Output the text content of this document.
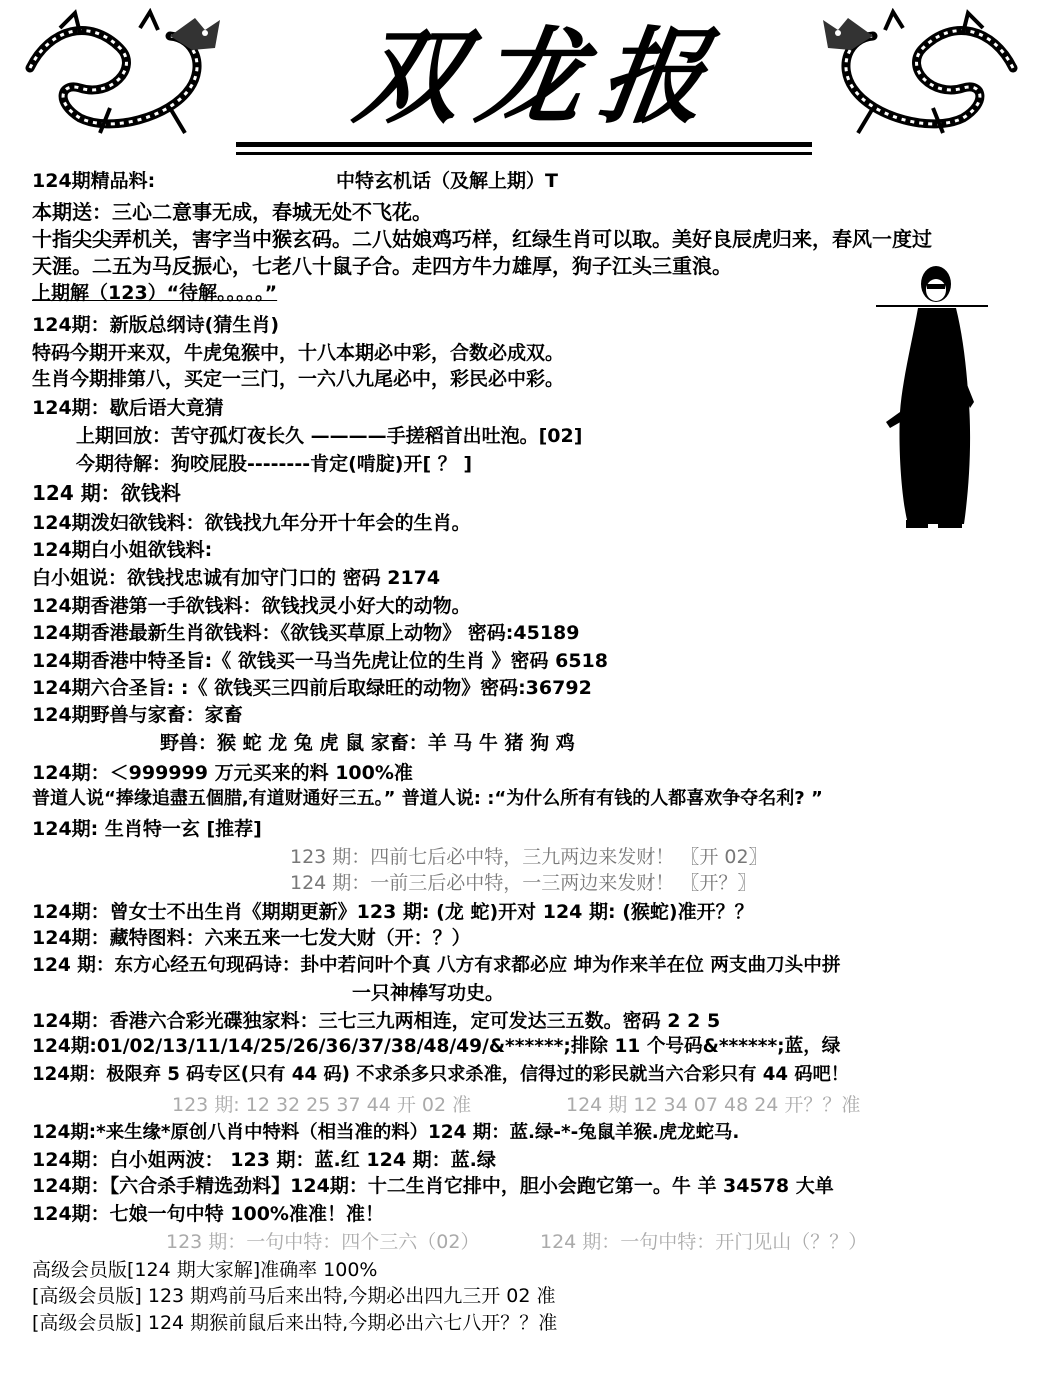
双龙报
124期精品料:	中特玄机话（及解上期）T
本期送：三心二意事无成，春城无处不飞花。
十指尖尖弄机关，害字当中猴玄码。二八姑娘鸡巧样，红绿生肖可以取。美好良辰虎归来，春风一度过
天涯。二五为马反振心，七老八十鼠子合。走四方牛力雄厚，狗子江头三重浪。
上期解（123）“待解。。。。。”
124期：新版总纲诗(猜生肖)
特码今期开来双，牛虎兔猴中，十八本期必中彩，合数必成双。
生肖今期排第八，买定一三门，一六八九尾必中，彩民必中彩。
124期：歇后语大竟猜
上期回放：苦守孤灯夜长久 ————手搓稻首出吐泡。[02]
今期待解：狗咬屁股--------肯定(啃腚)开[ ？ ]
124 期：欲钱料
124期泼妇欲钱料：欲钱找九年分开十年会的生肖。
124期白小姐欲钱料:
白小姐说：欲钱找忠诚有加守门口的 密码 2174
124期香港第一手欲钱料：欲钱找灵小好大的动物。
124期香港最新生肖欲钱料：《欲钱买草原上动物》 密码:45189
124期香港中特圣旨:《 欲钱买一马当先虎让位的生肖 》密码 6518
124期六合圣旨: :《 欲钱买三四前后取绿旺的动物》密码:36792
124期野兽与家畜：家畜
野兽：猴 蛇 龙 兔 虎 鼠 家畜：羊 马 牛 猪 狗 鸡
124期：＜999999 万元买来的料 100%准
普道人说“捧缘追盡五個腊,有道财通好三五。” 普道人说: :“为什么所有有钱的人都喜欢争夺名利? ”
124期: 生肖特一玄 [推荐]
123 期：四前七后必中特，三九两边来发财！ 〖开 02〗
124 期：一前三后必中特，一三两边来发财！ 〖开？〗
124期：曾女士不出生肖《期期更新》123 期: (龙 蛇)开对 124 期: (猴蛇)准开？？
124期：藏特图料：六来五来一七发大财（开：？）
124 期：东方心经五句现码诗：卦中若问叶个真 八方有求都必应 坤为作来羊在位 两支曲刀头中拼
一只神棒写功史。
124期：香港六合彩光碟独家料：三七三九两相连，定可发达三五数。密码 2 2 5
124期:01/02/13/11/14/25/26/36/37/38/48/49/&******;排除 11 个号码&******;蓝，绿
124期：极限弃 5 码专区(只有 44 码) 不求杀多只求杀准，信得过的彩民就当六合彩只有 44 码吧！
123 期: 12 32 25 37 44 开 02 准	124 期 12 34 07 48 24 开？？准
124期:*来生缘*原创八肖中特料（相当准的料）124 期：蓝.绿-*-兔鼠羊猴.虎龙蛇马.
124期：白小姐两波： 123 期：蓝.红 124 期：蓝.绿
124期：【六合杀手精选劲料】124期：十二生肖它排中，胆小会跑它第一。牛 羊 34578 大单
124期：七娘一句中特 100%准准！准！
123 期：一句中特：四个三六（02）	124 期：一句中特：开门见山（？？）
高级会员版[124 期大家解]准确率 100%
[高级会员版] 123 期鸡前马后来出特,今期必出四九三开 02 准
[高级会员版] 124 期猴前鼠后来出特,今期必出六七八开？？准
